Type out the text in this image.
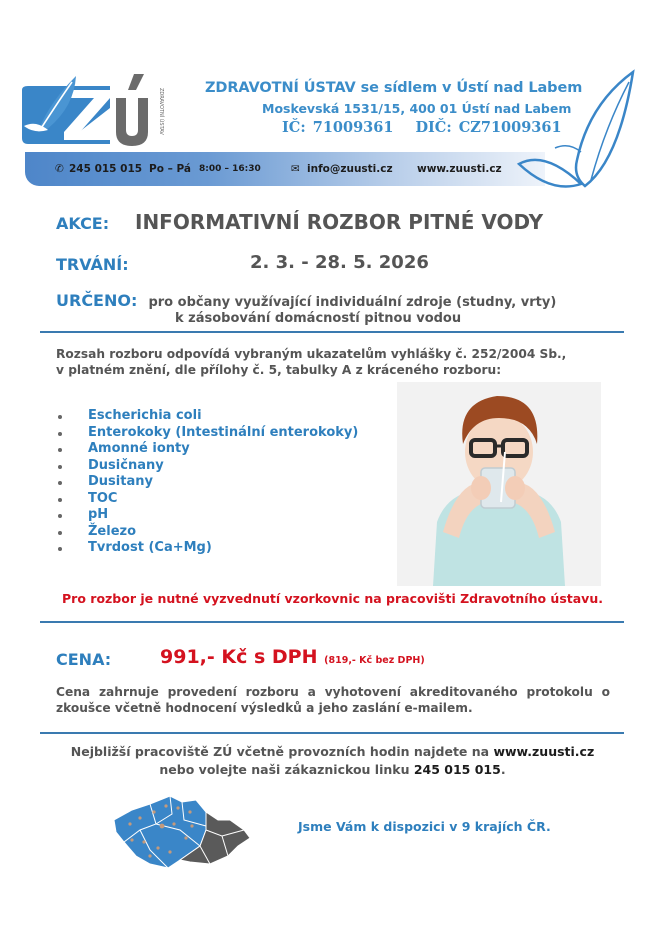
ZDRAVOTNÍ ÚSTAV	ZDRAVOTNÍ ÚSTAV se sídlem v Ústí nad Labem
Moskevská 1531/15, 400 01 Ústí nad Labem
IČ: 71009361 DIČ: CZ71009361
✆ 245 015 015 Po – Pá 8:00 – 16:30	✉ info@zuusti.cz www.zuusti.cz
AKCE: INFORMATIVNÍ ROZBOR PITNÉ VODY
TRVÁNÍ:	2. 3. - 28. 5. 2026
URČENO: pro občany využívající individuální zdroje (studny, vrty)
k zásobování domácností pitnou vodou
Rozsah rozboru odpovídá vybraným ukazatelům vyhlášky č. 252/2004 Sb.,
v platném znění, dle přílohy č. 5, tabulky A z kráceného rozboru:
Escherichia coli
Enterokoky (Intestinální enterokoky)
Amonné ionty
Dusičnany
Dusitany
TOC
pH
Železo
Tvrdost (Ca+Mg)
Pro rozbor je nutné vyzvednutí vzorkovnic na pracovišti Zdravotního ústavu.
CENA:	991,- Kč s DPH (819,- Kč bez DPH)
Cena zahrnuje provedení rozboru a vyhotovení akreditovaného protokolu o zkoušce včetně hodnocení výsledků a jeho zaslání e-mailem.
Nejbližší pracoviště ZÚ včetně provozních hodin najdete na www.zuusti.cz
nebo volejte naši zákaznickou linku 245 015 015.
Jsme Vám k dispozici v 9 krajích ČR.
